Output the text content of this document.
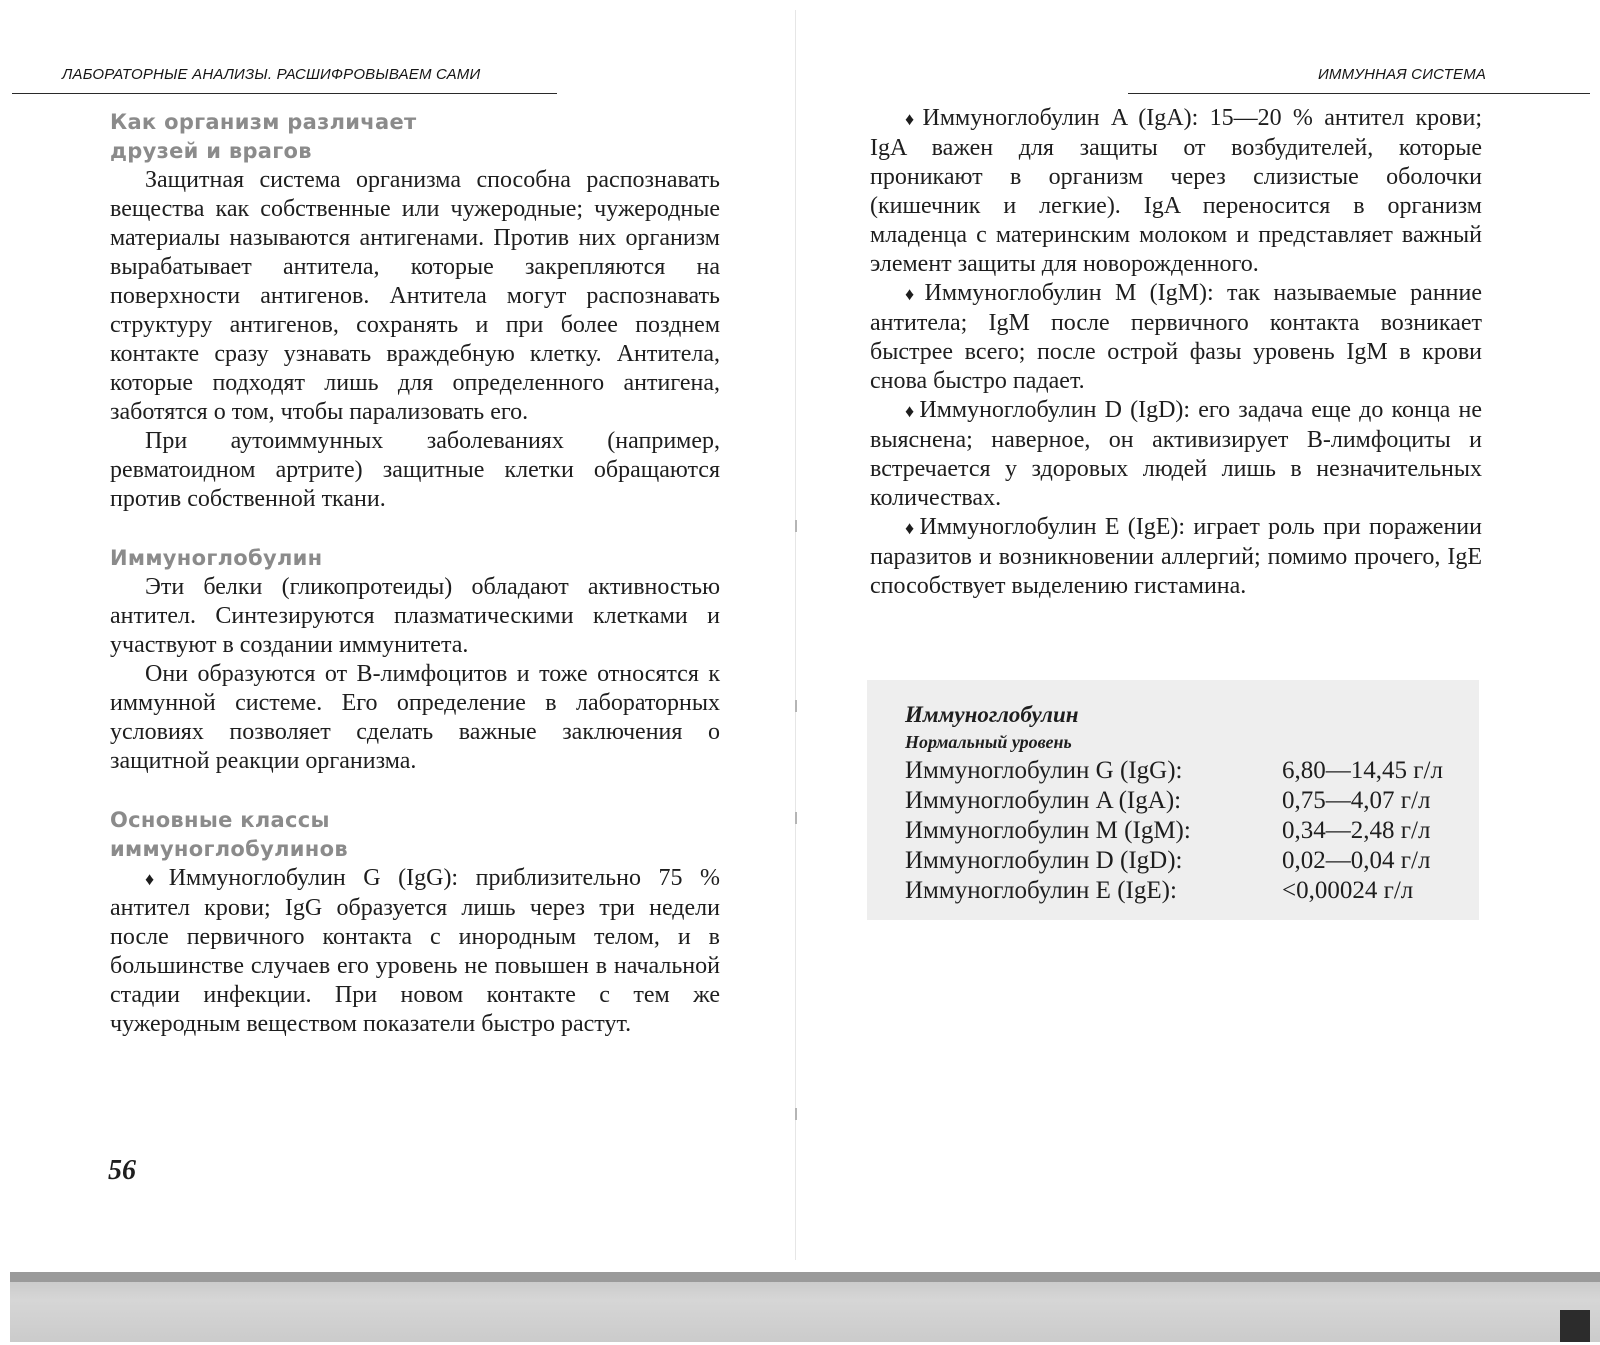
ЛАБОРАТОРНЫЕ АНАЛИЗЫ. РАСШИФРОВЫВАЕМ САМИ
Как организм различает
друзей и врагов

Защитная система организма способна распознавать вещества как собственные или чужеродные; чужеродные материалы называются антигенами. Против них организм вырабатывает антитела, которые закрепляются на поверхности антигенов. Антитела могут распознавать структуру антигенов, сохранять и при более позднем контакте сразу узнавать враждебную клетку. Антитела, которые подходят лишь для определенного антигена, заботятся о том, чтобы парализовать его.

При аутоиммунных заболеваниях (например, ревматоидном артрите) защитные клетки обращаются против собственной ткани.

Иммуноглобулин

Эти белки (гликопротеиды) обладают активностью антител. Синтезируются плазматическими клетками и участвуют в создании иммунитета.

Они образуются от B-лимфоцитов и тоже относятся к иммунной системе. Его определение в лабораторных условиях позволяет сделать важные заключения о защитной реакции организма.

Основные классы
иммуноглобулинов

♦ Иммуноглобулин G (IgG): приблизительно 75 % антител крови; IgG образуется лишь через три недели после первичного контакта с инородным телом, и в большинстве случаев его уровень не повышен в начальной стадии инфекции. При новом контакте с тем же чужеродным веществом показатели быстро растут.

56
ИММУННАЯ СИСТЕМА

♦ Иммуноглобулин A (IgA): 15—20 % антител крови; IgA важен для защиты от возбудителей, которые проникают в организм через слизистые оболочки (кишечник и легкие). IgA переносится в организм младенца с материнским молоком и представляет важный элемент защиты для новорожденного.

♦ Иммуноглобулин M (IgM): так называемые ранние антитела; IgM после первичного контакта возникает быстрее всего; после острой фазы уровень IgM в крови снова быстро падает.

♦ Иммуноглобулин D (IgD): его задача еще до конца не выяснена; наверное, он активизирует B-лимфоциты и встречается у здоровых людей лишь в незначительных количествах.

♦ Иммуноглобулин E (IgE): играет роль при поражении паразитов и возникновении аллергий; помимо прочего, IgE способствует выделению гистамина.

Иммуноглобулин
Нормальный уровень
Иммуноглобулин G (IgG):	6,80—14,45 г/л
Иммуноглобулин A (IgA):	0,75—4,07 г/л
Иммуноглобулин M (IgM):	0,34—2,48 г/л
Иммуноглобулин D (IgD):	0,02—0,04 г/л
Иммуноглобулин E (IgE):	<0,00024 г/л
